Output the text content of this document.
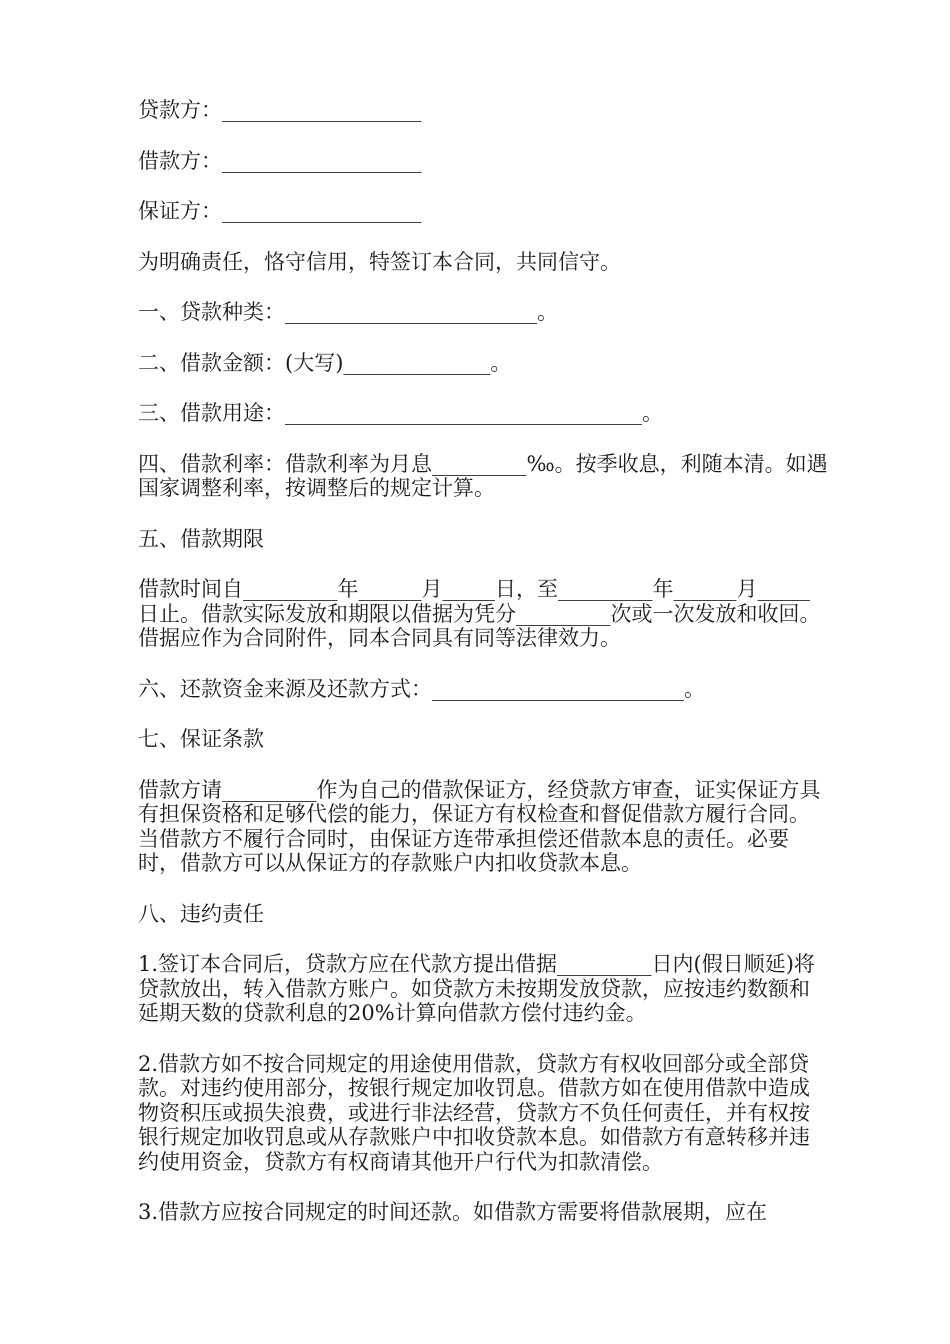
贷款方：___________________

借款方：___________________

保证方：___________________

为明确责任，恪守信用，特签订本合同，共同信守。

一、贷款种类：________________________。

二、借款金额：(大写)______________。

三、借款用途：__________________________________。

四、借款利率：借款利率为月息_________‰。按季收息，利随本清。如遇国家调整利率，按调整后的规定计算。

五、借款期限

借款时间自_________年______月_____日，至_________年______月_____日止。借款实际发放和期限以借据为凭分_________次或一次发放和收回。借据应作为合同附件，同本合同具有同等法律效力。

六、还款资金来源及还款方式：________________________。

七、保证条款

借款方请_________作为自己的借款保证方，经贷款方审查，证实保证方具有担保资格和足够代偿的能力，保证方有权检查和督促借款方履行合同。当借款方不履行合同时，由保证方连带承担偿还借款本息的责任。必要时，借款方可以从保证方的存款账户内扣收贷款本息。

八、违约责任

1.签订本合同后，贷款方应在代款方提出借据_________日内(假日顺延)将贷款放出，转入借款方账户。如贷款方未按期发放贷款，应按违约数额和延期天数的贷款利息的20%计算向借款方偿付违约金。

2.借款方如不按合同规定的用途使用借款，贷款方有权收回部分或全部贷款。对违约使用部分，按银行规定加收罚息。借款方如在使用借款中造成物资积压或损失浪费，或进行非法经营，贷款方不负任何责任，并有权按银行规定加收罚息或从存款账户中扣收贷款本息。如借款方有意转移并违约使用资金，贷款方有权商请其他开户行代为扣款清偿。

3.借款方应按合同规定的时间还款。如借款方需要将借款展期，应在
